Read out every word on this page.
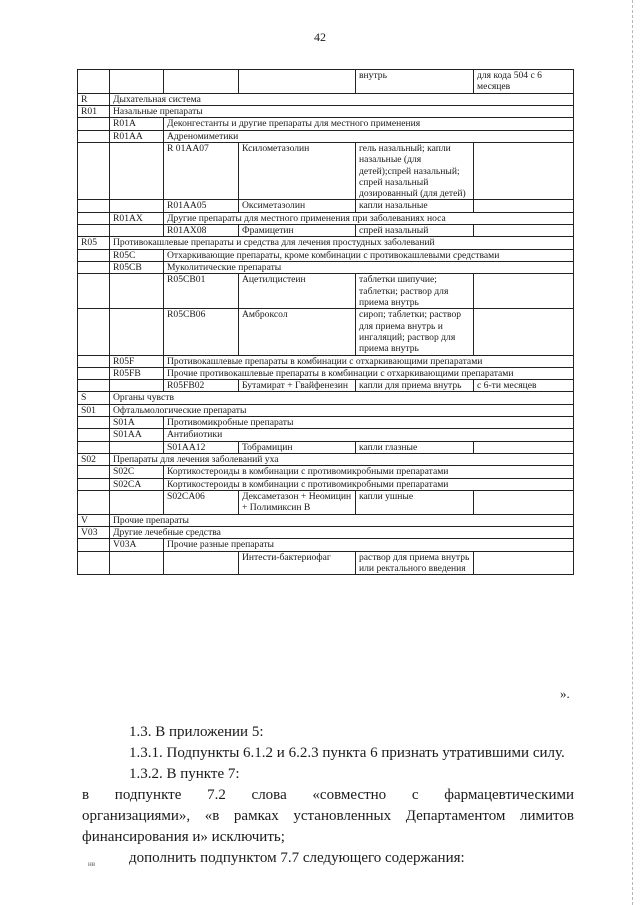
42
				внутрь	для кода 504 с 6 месяцев
R	Дыхательная система				
R01	Назальные препараты				
	R01A	Деконгестанты и другие препараты для местного применения			
	R01AA	Адреномиметики			
		R 01AA07	Ксилометазолин	гель назальный; капли назальные (для детей);спрей назальный; спрей назальный дозированный (для детей)	
		R01AA05	Оксиметазолин	капли назальные	
	R01AX	Другие препараты для местного применения при заболеваниях носа			
		R01AX08	Фрамицетин	спрей назальный	
R05	Противокашлевые препараты и средства для лечения простудных заболеваний				
	R05C	Отхаркивающие препараты, кроме комбинации с противокашлевыми средствами			
	R05CB	Муколитические препараты			
		R05CB01	Ацетилцистеин	таблетки шипучие; таблетки; раствор для приема внутрь	
		R05CB06	Амброксол	сироп; таблетки; раствор для приема внутрь и ингаляций; раствор для приема внутрь	
	R05F	Противокашлевые препараты в комбинации с отхаркивающими препаратами			
	R05FB	Прочие противокашлевые препараты в комбинации с отхаркивающими препаратами			
		R05FB02	Бутамират + Гвайфенезин	капли для приема внутрь	с 6-ти месяцев
S	Органы чувств				
S01	Офтальмологические препараты				
	S01A	Противомикробные препараты			
	S01AA	Антибиотики			
		S01AA12	Тобрамицин	капли глазные	
S02	Препараты для лечения заболеваний уха				
	S02C	Кортикостероиды в комбинации с противомикробными препаратами			
	S02CA	Кортикостероиды в комбинации с противомикробными препаратами			
		S02CA06	Дексаметазон + Неомицин + Полимиксин В	капли ушные	
V	Прочие препараты				
V03	Другие лечебные средства				
	V03A	Прочие разные препараты			
			Интести-бактериофаг	раствор для приема внутрь или ректального введения	
».
1.3. В приложении 5:
1.3.1. Подпункты 6.1.2 и 6.2.3 пункта 6 признать утратившими силу.
1.3.2. В пункте 7:
в подпункте 7.2 слова «совместно с фармацевтическими
организациями», «в рамках установленных Департаментом лимитов
финансирования и» исключить;
дополнить подпунктом 7.7 следующего содержания:
нв
